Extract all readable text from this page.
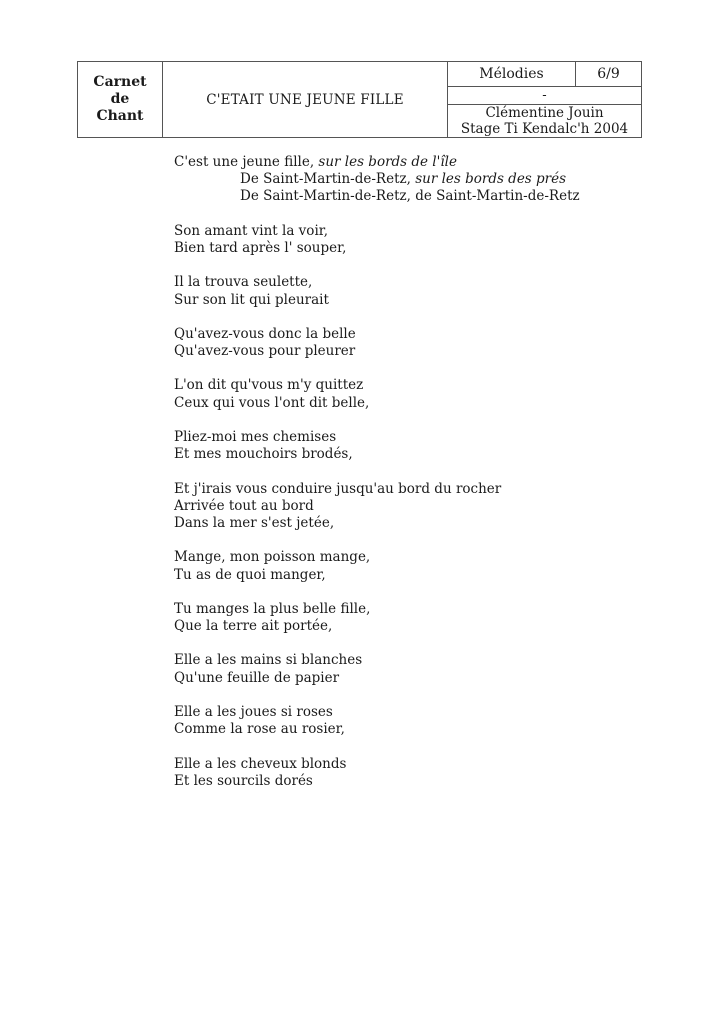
Carnet
de
Chant
C'ETAIT UNE JEUNE FILLE
Mélodies	6/9
-
Clémentine Jouin
Stage Ti Kendalc'h 2004
C'est une jeune fille, sur les bords de l'île
De Saint-Martin-de-Retz, sur les bords des prés
De Saint-Martin-de-Retz, de Saint-Martin-de-Retz
Son amant vint la voir,
Bien tard après l' souper,
Il la trouva seulette,
Sur son lit qui pleurait
Qu'avez-vous donc la belle
Qu'avez-vous pour pleurer
L'on dit qu'vous m'y quittez
Ceux qui vous l'ont dit belle,
Pliez-moi mes chemises
Et mes mouchoirs brodés,
Et j'irais vous conduire jusqu'au bord du rocher
Arrivée tout au bord
Dans la mer s'est jetée,
Mange, mon poisson mange,
Tu as de quoi manger,
Tu manges la plus belle fille,
Que la terre ait portée,
Elle a les mains si blanches
Qu'une feuille de papier
Elle a les joues si roses
Comme la rose au rosier,
Elle a les cheveux blonds
Et les sourcils dorés
